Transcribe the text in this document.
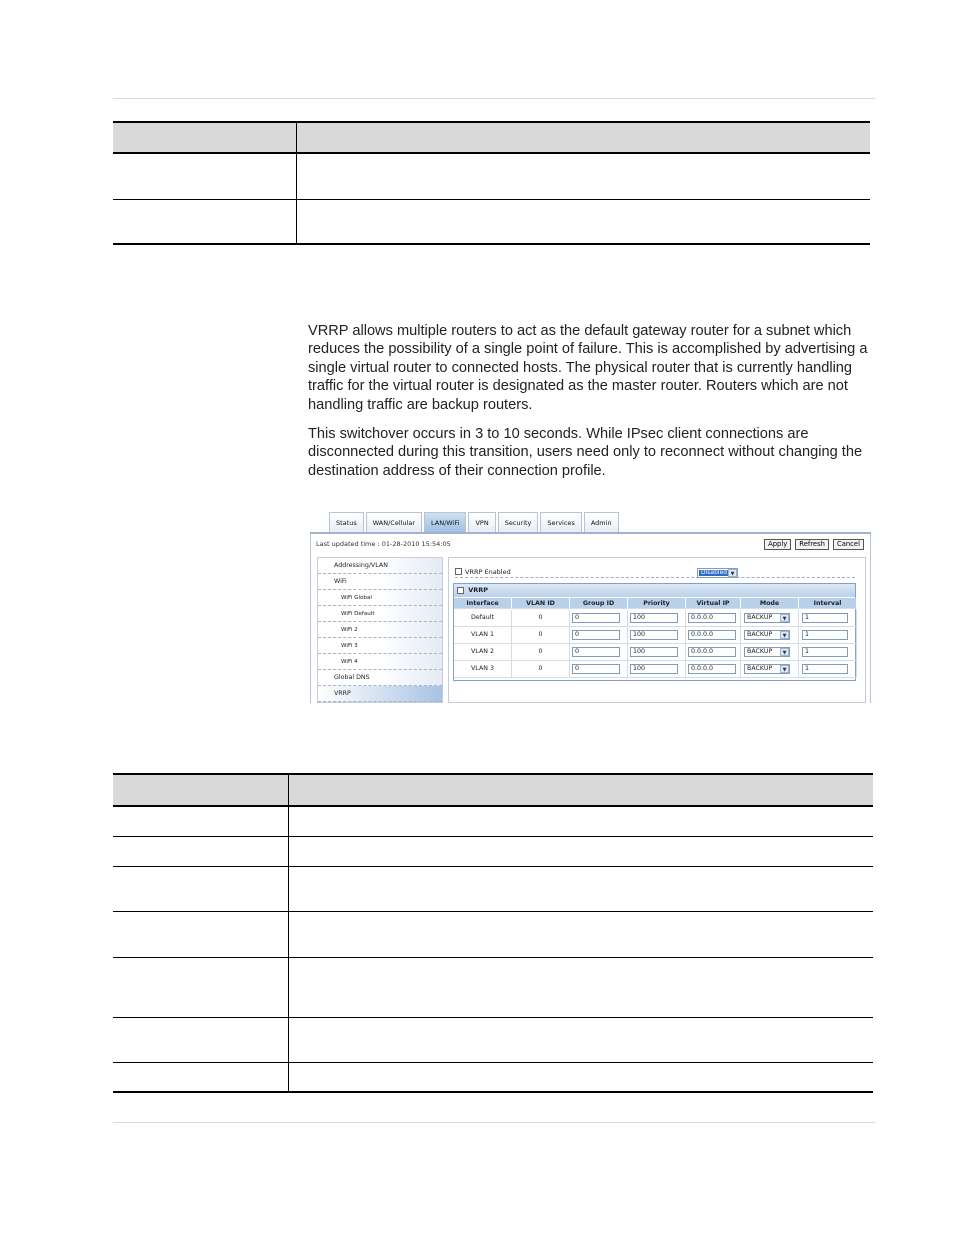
VRRP allows multiple routers to act as the default gateway router for a subnet which reduces the possibility of a single point of failure. This is accomplished by advertising a single virtual router to connected hosts. The physical router that is currently handling traffic for the virtual router is designated as the master router. Routers which are not handling traffic are backup routers.
This switchover occurs in 3 to 10 seconds. While IPsec client connections are disconnected during this transition, users need only to reconnect without changing the destination address of their connection profile.
Status	WAN/Cellular	LAN/WiFi	VPN	Security	Services	Admin
Last updated time : 01-28-2010 15:54:05	Apply	Refresh	Cancel
Addressing/VLAN
WiFi
WiFi Global
WiFi Default
WiFi 2
WiFi 3
WiFi 4
Global DNS
VRRP
VRRP Enabled	Disabled ▼
VRRP
Interface	VLAN ID	Group ID	Priority	Virtual IP	Mode	Interval
Default	0	0	100	0.0.0.0	BACKUP	▼	1
VLAN 1	0	0	100	0.0.0.0	BACKUP	▼	1
VLAN 2	0	0	100	0.0.0.0	BACKUP	▼	1
VLAN 3	0	0	100	0.0.0.0	BACKUP	▼	1
